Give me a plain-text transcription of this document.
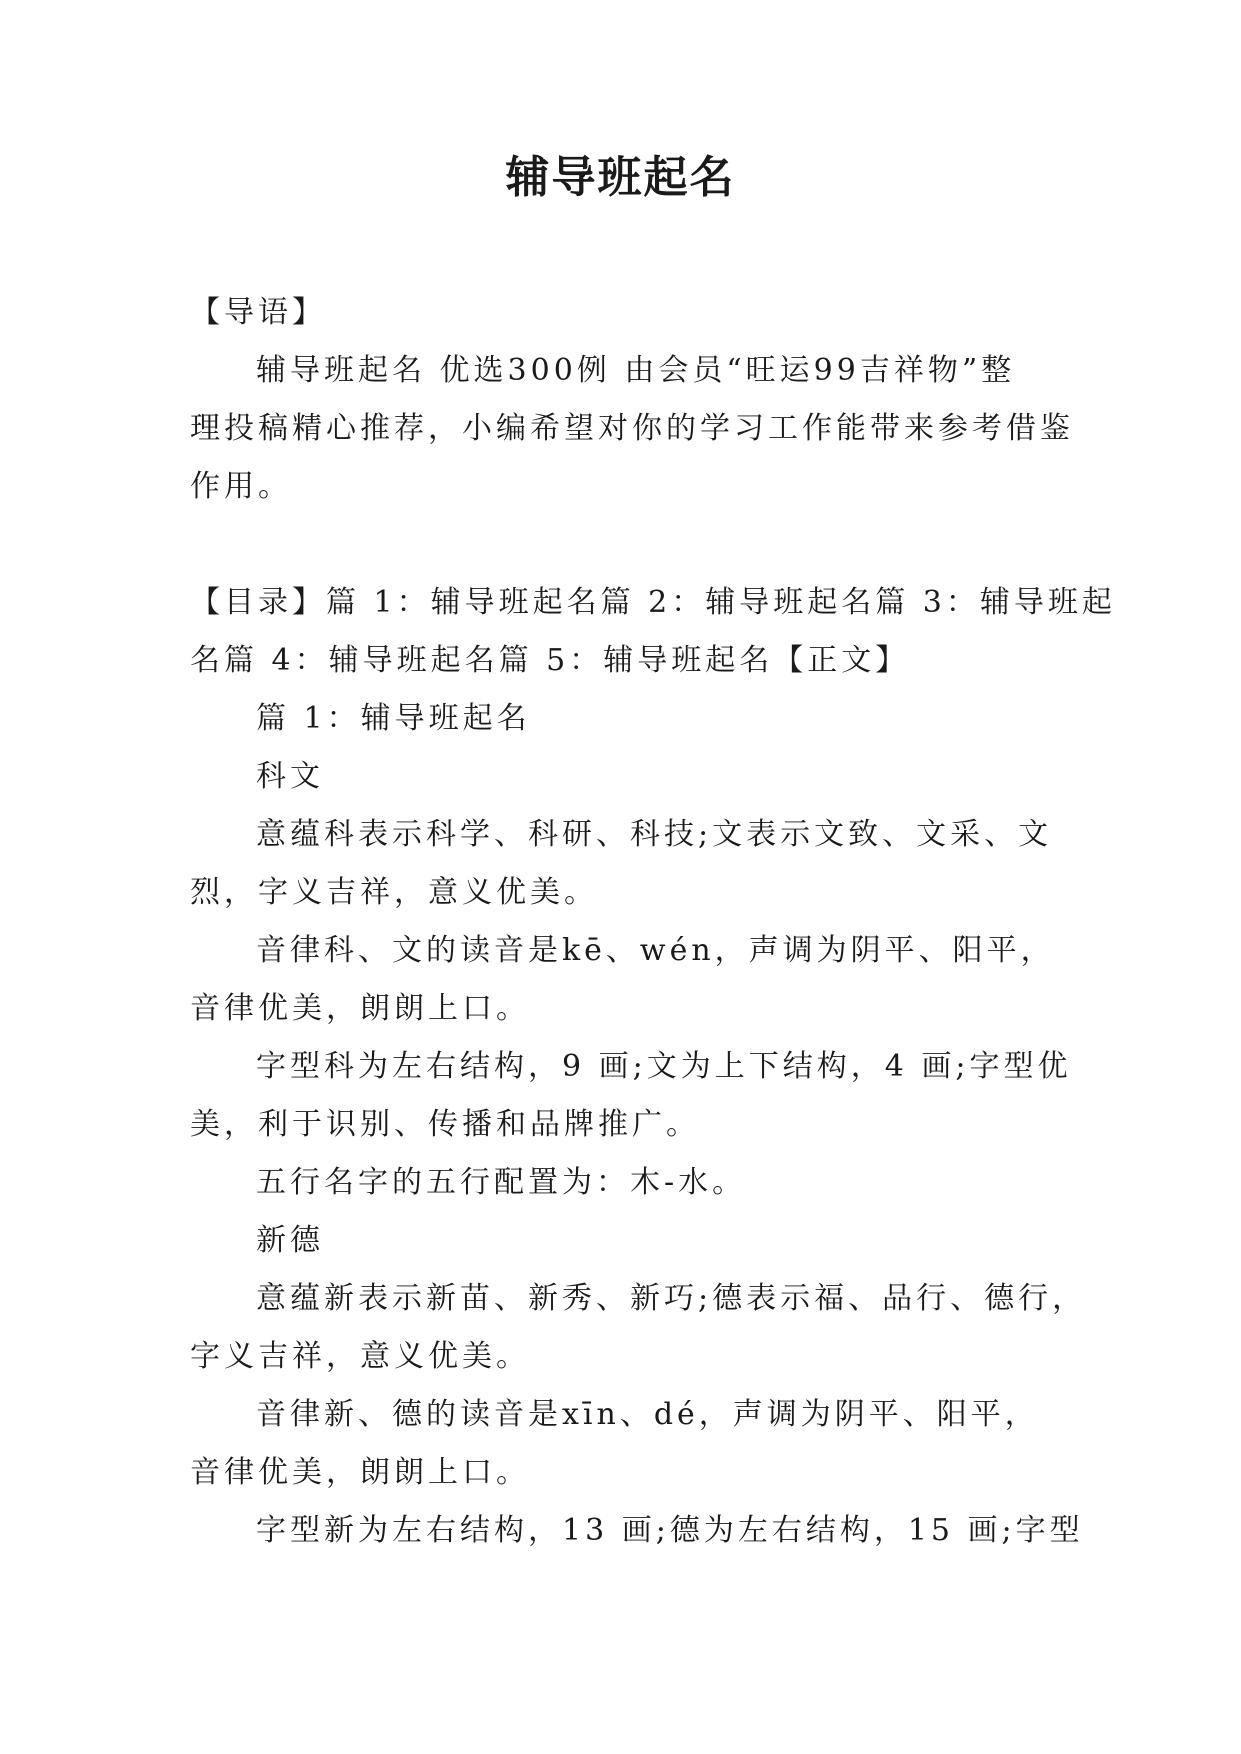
辅导班起名
【导语】
辅导班起名 优选300例 由会员“旺运99吉祥物”整
理投稿精心推荐，小编希望对你的学习工作能带来参考借鉴
作用。
【目录】篇 1：辅导班起名篇 2：辅导班起名篇 3：辅导班起
名篇 4：辅导班起名篇 5：辅导班起名【正文】
篇 1：辅导班起名
科文
意蕴科表示科学、科研、科技;文表示文致、文采、文
烈，字义吉祥，意义优美。
音律科、文的读音是kē、wén，声调为阴平、阳平，
音律优美，朗朗上口。
字型科为左右结构，9 画;文为上下结构，4 画;字型优
美，利于识别、传播和品牌推广。
五行名字的五行配置为：木-水。
新德
意蕴新表示新苗、新秀、新巧;德表示福、品行、德行，
字义吉祥，意义优美。
音律新、德的读音是xīn、dé，声调为阴平、阳平，
音律优美，朗朗上口。
字型新为左右结构，13 画;德为左右结构，15 画;字型
